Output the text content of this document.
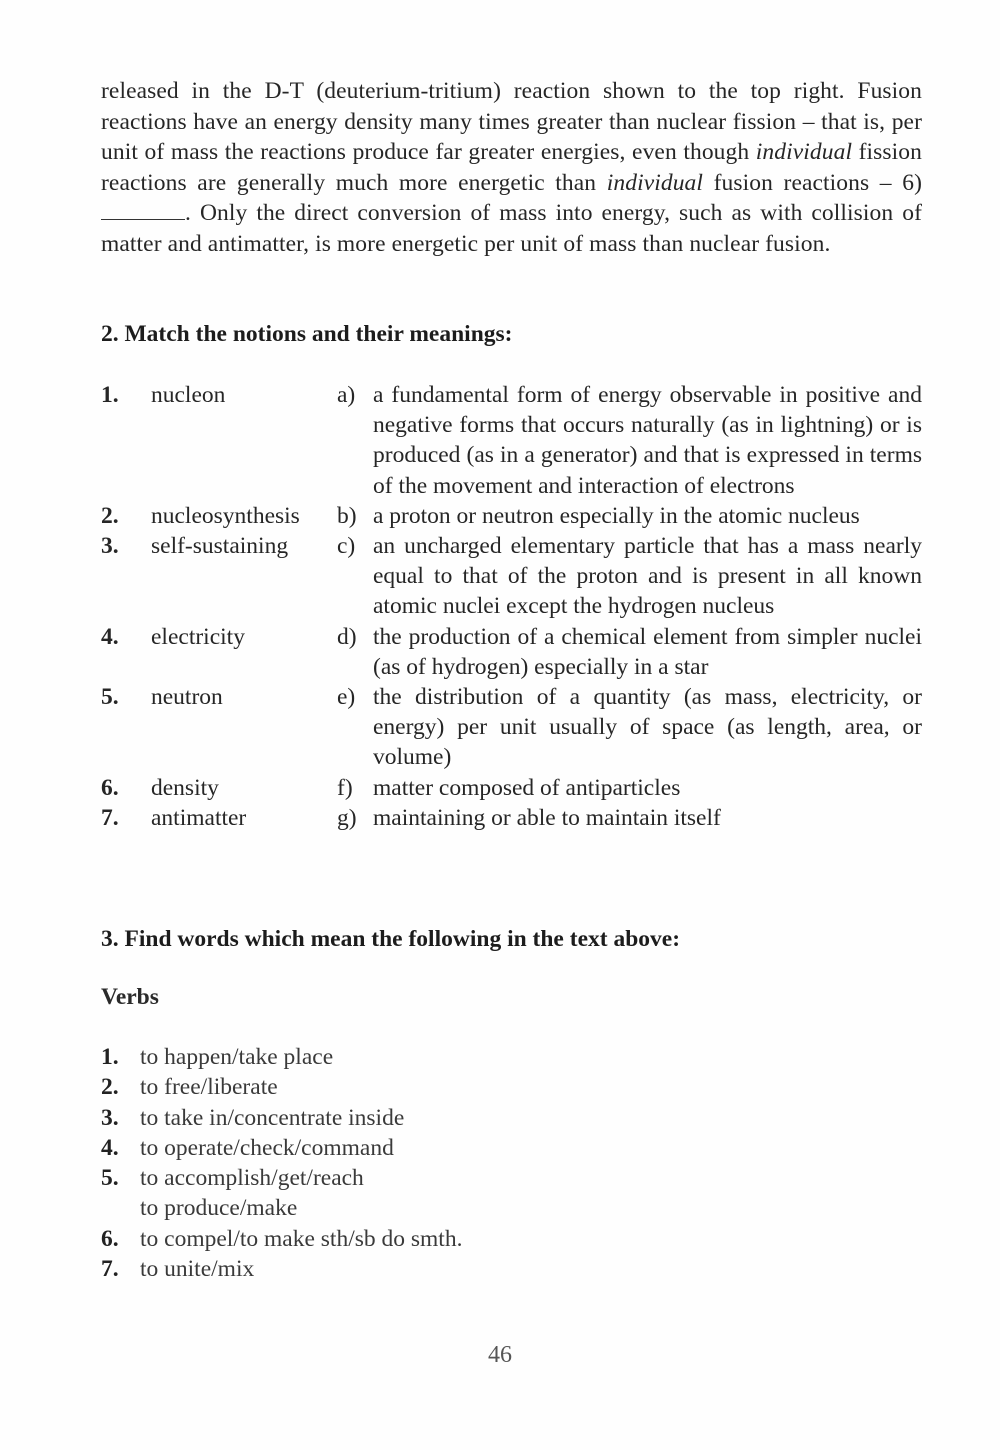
released in the D-T (deuterium-tritium) reaction shown to the top right. Fusion reactions have an energy density many times greater than nuclear fission – that is, per unit of mass the reactions produce far greater energies, even though individual fission reactions are generally much more energetic than individual fusion reactions – 6) . Only the direct conversion of mass into energy, such as with collision of matter and antimatter, is more energetic per unit of mass than nuclear fusion.

2. Match the notions and their meanings:
1.	nucleon	a) a fundamental form of energy observable in positive and negative forms that occurs naturally (as in lightning) or is produced (as in a generator) and that is expressed in terms of the movement and interaction of electrons
2.	nucleosynthesis	b) a proton or neutron especially in the atomic nucleus
3.	self-sustaining	c) an uncharged elementary particle that has a mass nearly equal to that of the proton and is present in all known atomic nuclei except the hydrogen nucleus
4.	electricity	d) the production of a chemical element from simpler nuclei (as of hydrogen) especially in a star
5.	neutron	e) the distribution of a quantity (as mass, electricity, or energy) per unit usually of space (as length, area, or volume)
6.	density	f) matter composed of antiparticles
7.	antimatter	g) maintaining or able to maintain itself
3. Find words which mean the following in the text above:
Verbs
1. to happen/take place
2. to free/liberate
3. to take in/concentrate inside
4. to operate/check/command
5. to accomplish/get/reach
to produce/make
6. to compel/to make sth/sb do smth.
7. to unite/mix
46
